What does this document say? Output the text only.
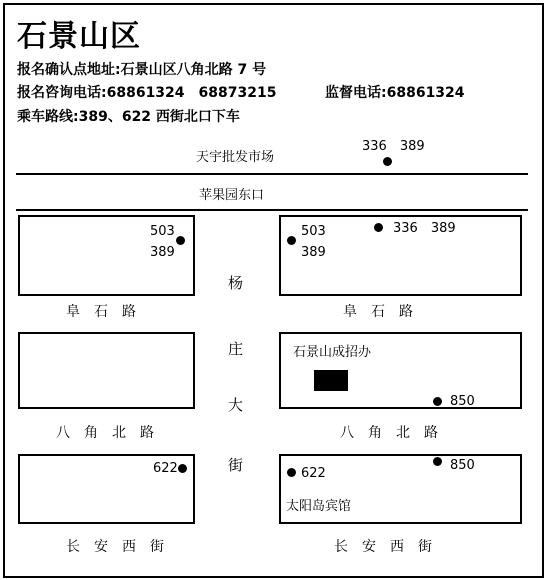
石景山区
报名确认点地址:石景山区八角北路 7 号
报名咨询电话:68861324　68873215	监督电话:68861324
乘车路线:389、622 西街北口下车
336　389
天宇批发市场
苹果园东口
503
389
503
389
336　389
阜石路	阜石路
杨
庄
大
街
石景山成招办
850
八角北路	八角北路
622	622
850
太阳岛宾馆
长安西街	长安西街
